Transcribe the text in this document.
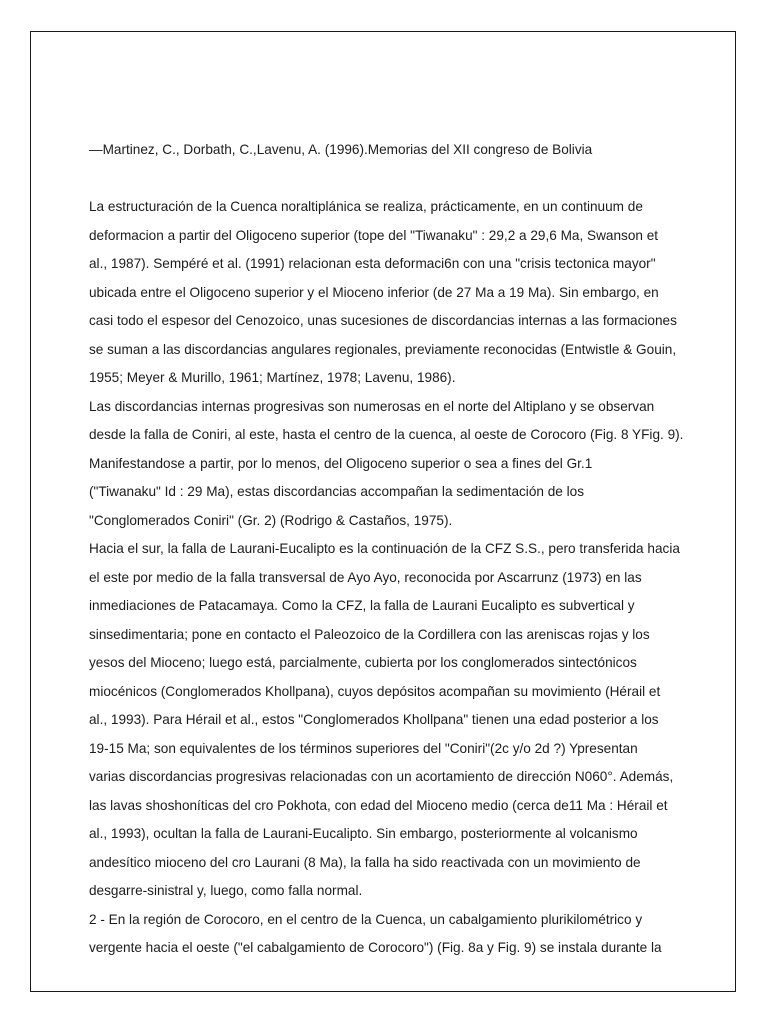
—Martinez, C., Dorbath, C.,Lavenu, A. (1996).Memorias del XII congreso de Bolivia

La estructuración de la Cuenca noraltiplánica se realiza, prácticamente, en un continuum de
deformacion a partir del Oligoceno superior (tope del "Tiwanaku" : 29,2 a 29,6 Ma, Swanson et
al., 1987). Sempéré et al. (1991) relacionan esta deformaci6n con una "crisis tectonica mayor"
ubicada entre el Oligoceno superior y el Mioceno inferior (de 27 Ma a 19 Ma). Sin embargo, en
casi todo el espesor del Cenozoico, unas sucesiones de discordancias internas a las formaciones
se suman a las discordancias angulares regionales, previamente reconocidas (Entwistle & Gouin,
1955; Meyer & Murillo, 1961; Martínez, 1978; Lavenu, 1986).
Las discordancias internas progresivas son numerosas en el norte del Altiplano y se observan
desde la falla de Coniri, al este, hasta el centro de la cuenca, al oeste de Corocoro (Fig. 8 YFig. 9).
Manifestandose a partir, por lo menos, del Oligoceno superior o sea a fines del Gr.1
("Tiwanaku" Id : 29 Ma), estas discordancias accompañan la sedimentación de los
"Conglomerados Coniri" (Gr. 2) (Rodrigo & Castaños, 1975).
Hacia el sur, la falla de Laurani-Eucalipto es la continuación de la CFZ S.S., pero transferida hacia
el este por medio de la falla transversal de Ayo Ayo, reconocida por Ascarrunz (1973) en las
inmediaciones de Patacamaya. Como la CFZ, la falla de Laurani Eucalipto es subvertical y
sinsedimentaria; pone en contacto el Paleozoico de la Cordillera con las areniscas rojas y los
yesos del Mioceno; luego está, parcialmente, cubierta por los conglomerados sintectónicos
miocénicos (Conglomerados Khollpana), cuyos depósitos acompañan su movimiento (Hérail et
al., 1993). Para Hérail et al., estos "Conglomerados Khollpana" tienen una edad posterior a los
19-15 Ma; son equivalentes de los términos superiores del "Coniri"(2c y/o 2d ?) Ypresentan
varias discordancias progresivas relacionadas con un acortamiento de dirección N060°. Además,
las lavas shoshoníticas del cro Pokhota, con edad del Mioceno medio (cerca de11 Ma : Hérail et
al., 1993), ocultan la falla de Laurani-Eucalipto. Sin embargo, posteriormente al volcanismo
andesítico mioceno del cro Laurani (8 Ma), la falla ha sido reactivada con un movimiento de
desgarre-sinistral y, luego, como falla normal.
2 - En la región de Corocoro, en el centro de la Cuenca, un cabalgamiento plurikilométrico y
vergente hacia el oeste ("el cabalgamiento de Corocoro") (Fig. 8a y Fig. 9) se instala durante la
